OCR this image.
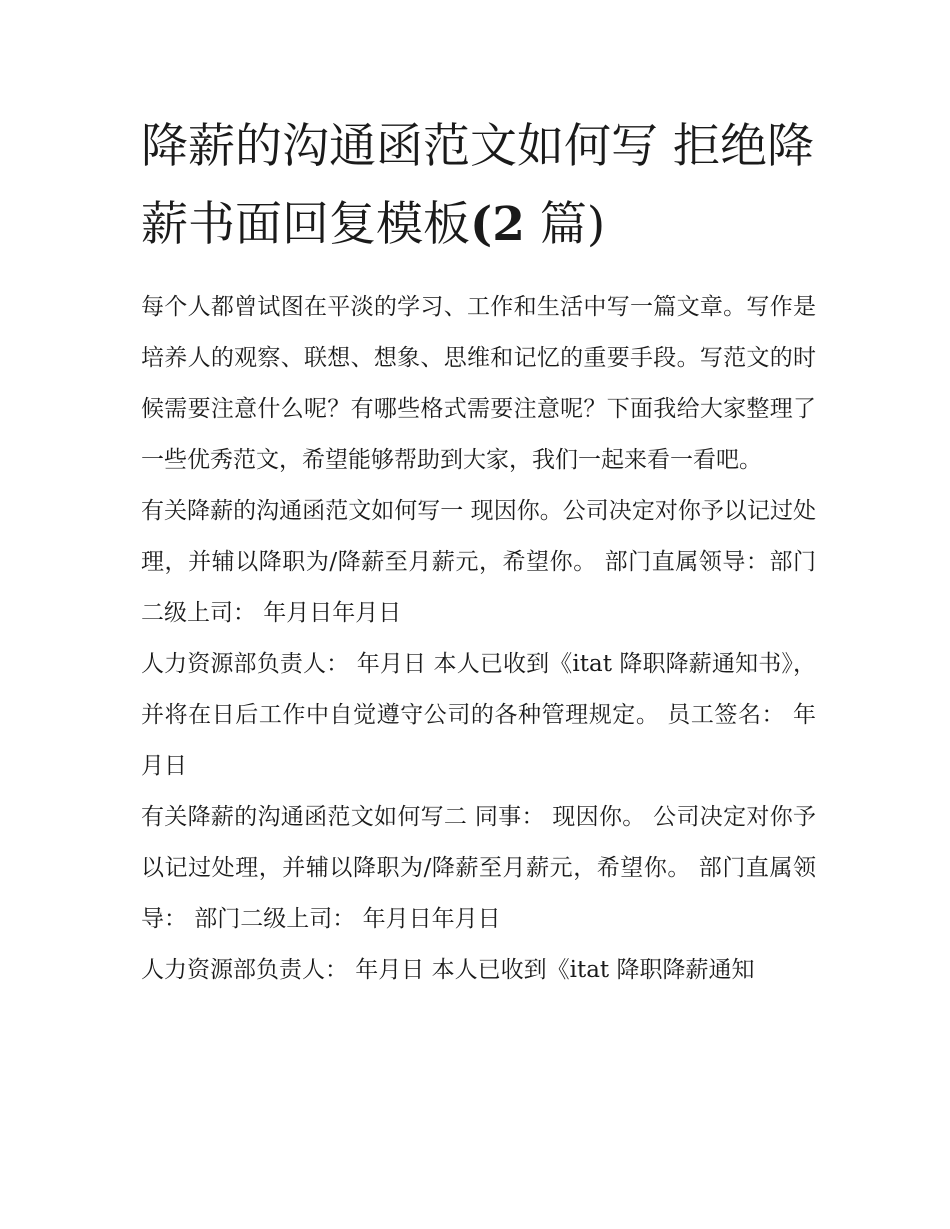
降薪的沟通函范文如何写 拒绝降薪书面回复模板(2 篇)

每个人都曾试图在平淡的学习、工作和生活中写一篇文章。写作是培养人的观察、联想、想象、思维和记忆的重要手段。写范文的时候需要注意什么呢？有哪些格式需要注意呢？下面我给大家整理了一些优秀范文，希望能够帮助到大家，我们一起来看一看吧。

有关降薪的沟通函范文如何写一 现因你。公司决定对你予以记过处理，并辅以降职为/降薪至月薪元，希望你。 部门直属领导：部门二级上司： 年月日年月日

人力资源部负责人： 年月日 本人已收到《itat 降职降薪通知书》，并将在日后工作中自觉遵守公司的各种管理规定。 员工签名： 年月日

有关降薪的沟通函范文如何写二 同事： 现因你。 公司决定对你予以记过处理，并辅以降职为/降薪至月薪元，希望你。 部门直属领导： 部门二级上司： 年月日年月日

人力资源部负责人： 年月日 本人已收到《itat 降职降薪通知
